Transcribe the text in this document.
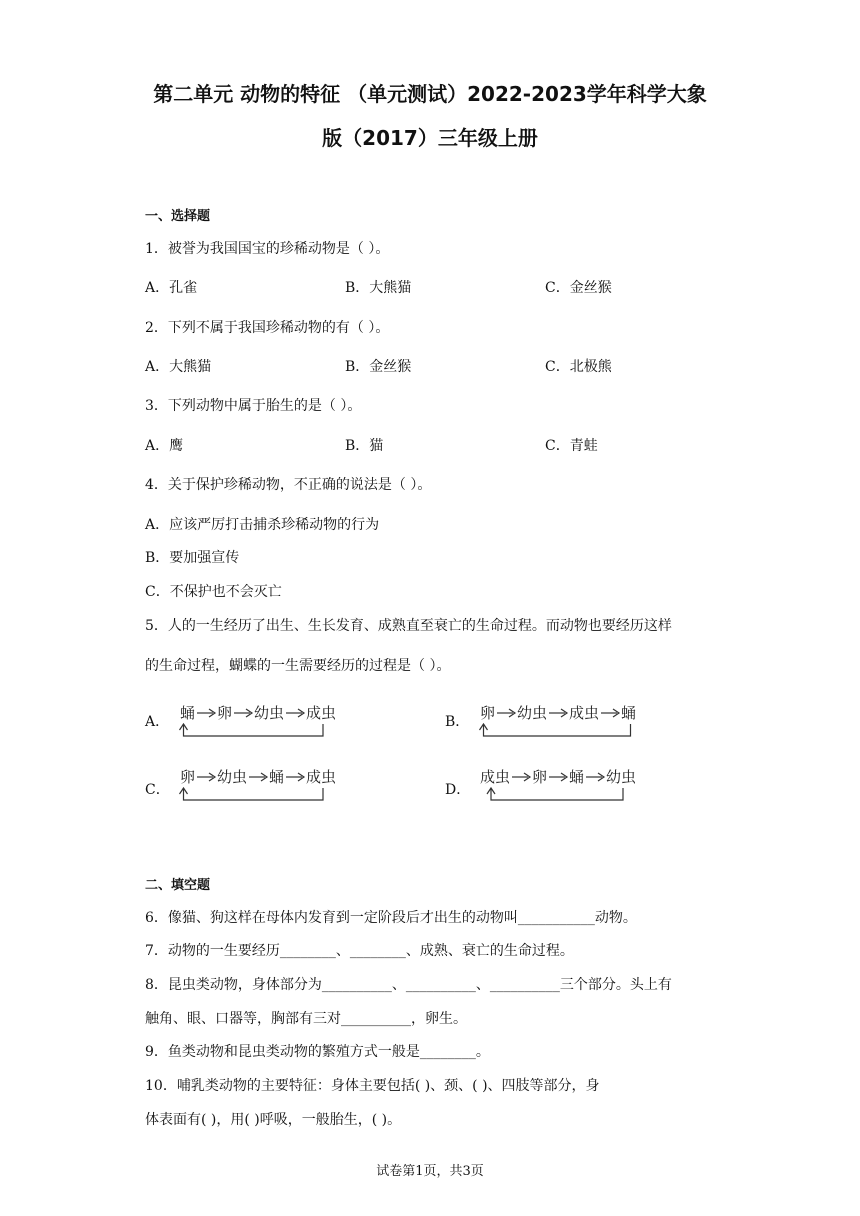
第二单元 动物的特征 （单元测试）2022-2023学年科学大象
版（2017）三年级上册
一、选择题
1．被誉为我国国宝的珍稀动物是（ ）。
A．孔雀	B．大熊猫	C．金丝猴
2．下列不属于我国珍稀动物的有（ ）。
A．大熊猫	B．金丝猴	C．北极熊
3．下列动物中属于胎生的是（ ）。
A．鹰	B．猫	C．青蛙
4．关于保护珍稀动物，不正确的说法是（ ）。
A．应该严厉打击捕杀珍稀动物的行为
B．要加强宣传
C．不保护也不会灭亡
5．人的一生经历了出生、生长发育、成熟直至衰亡的生命过程。而动物也要经历这样
的生命过程，蝴蝶的一生需要经历的过程是（ ）。
A． 蛹 卵 幼虫 成虫	B． 卵 幼虫 成虫 蛹
C．
卵 幼虫 蛹 成虫
D．
成虫 卵 蛹 幼虫
二、填空题
6．像猫、狗这样在母体内发育到一定阶段后才出生的动物叫___________动物。
7．动物的一生要经历________、________、成熟、衰亡的生命过程。
8．昆虫类动物，身体部分为__________、__________、__________三个部分。头上有
触角、眼、口器等，胸部有三对__________，卵生。
9．鱼类动物和昆虫类动物的繁殖方式一般是________。
10．哺乳类动物的主要特征：身体主要包括( )、颈、( )、四肢等部分，身
体表面有( )，用( )呼吸，一般胎生，( )。
试卷第1页，共3页
